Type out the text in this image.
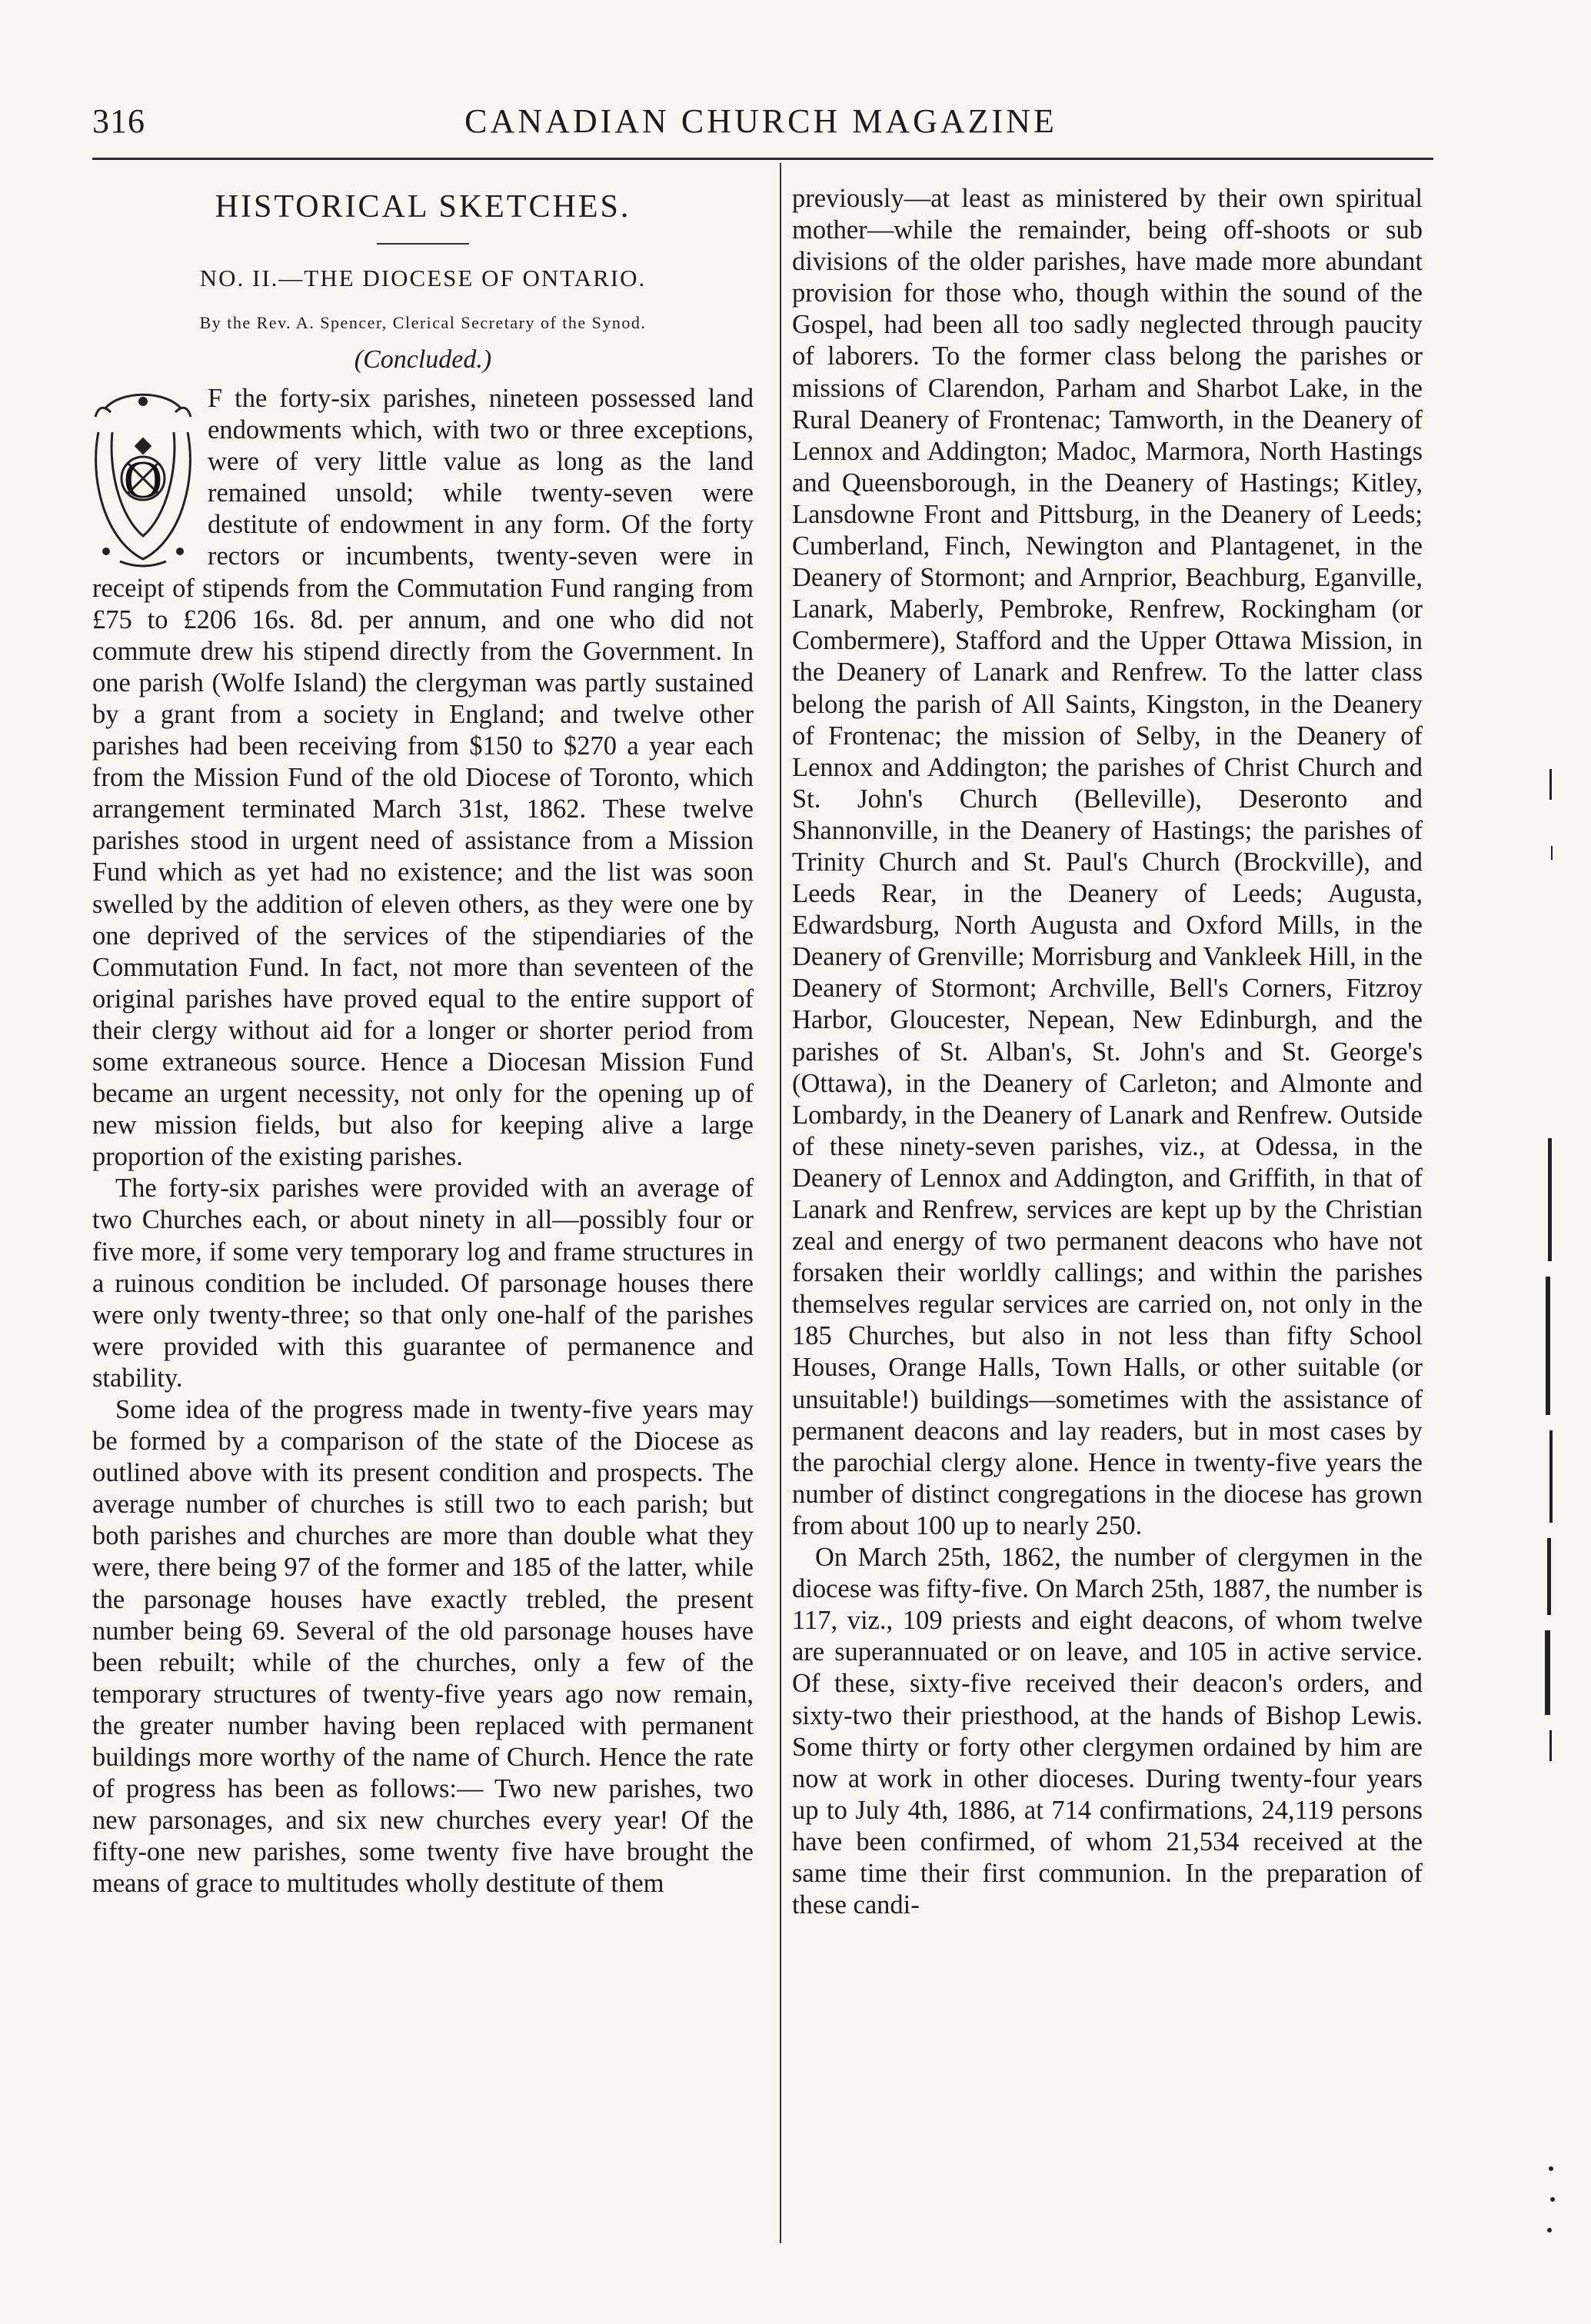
316	CANADIAN CHURCH MAGAZINE
HISTORICAL SKETCHES.
NO. II.—THE DIOCESE OF ONTARIO.
By the Rev. A. Spencer, Clerical Secretary of the Synod.
(Concluded.)
O

F the forty-six parishes, nineteen possessed land endowments which, with two or three exceptions, were of very little value as long as the land remained unsold; while twenty-seven were destitute of endowment in any form. Of the forty rectors or incumbents, twenty-seven were in receipt of stipends from the Commutation Fund ranging from £75 to £206 16s. 8d. per annum, and one who did not commute drew his stipend directly from the Government. In one parish (Wolfe Island) the clergyman was partly sustained by a grant from a society in England; and twelve other parishes had been receiving from $150 to $270 a year each from the Mission Fund of the old Diocese of Toronto, which arrangement terminated March 31st, 1862. These twelve parishes stood in urgent need of assistance from a Mission Fund which as yet had no existence; and the list was soon swelled by the addition of eleven others, as they were one by one deprived of the services of the stipendiaries of the Commutation Fund. In fact, not more than seventeen of the original parishes have proved equal to the entire support of their clergy without aid for a longer or shorter period from some extraneous source. Hence a Diocesan Mission Fund became an urgent necessity, not only for the opening up of new mission fields, but also for keeping alive a large proportion of the existing parishes.

The forty-six parishes were provided with an average of two Churches each, or about ninety in all—possibly four or five more, if some very temporary log and frame structures in a ruinous condition be included. Of parsonage houses there were only twenty-three; so that only one-half of the parishes were provided with this guarantee of permanence and stability.

Some idea of the progress made in twenty-five years may be formed by a comparison of the state of the Diocese as outlined above with its present condition and prospects. The average number of churches is still two to each parish; but both parishes and churches are more than double what they were, there being 97 of the former and 185 of the latter, while the parsonage houses have exactly trebled, the present number being 69. Several of the old parsonage houses have been rebuilt; while of the churches, only a few of the temporary structures of twenty-five years ago now remain, the greater number having been replaced with permanent buildings more worthy of the name of Church. Hence the rate of progress has been as follows:— Two new parishes, two new parsonages, and six new churches every year! Of the fifty-one new parishes, some twenty five have brought the means of grace to multitudes wholly destitute of them

previously—at least as ministered by their own spiritual mother—while the remainder, being off-shoots or sub divisions of the older parishes, have made more abundant provision for those who, though within the sound of the Gospel, had been all too sadly neglected through paucity of laborers. To the former class belong the parishes or missions of Clarendon, Parham and Sharbot Lake, in the Rural Deanery of Frontenac; Tamworth, in the Deanery of Lennox and Addington; Madoc, Marmora, North Hastings and Queensborough, in the Deanery of Hastings; Kitley, Lansdowne Front and Pittsburg, in the Deanery of Leeds; Cumberland, Finch, Newington and Plantagenet, in the Deanery of Stormont; and Arnprior, Beachburg, Eganville, Lanark, Maberly, Pembroke, Renfrew, Rockingham (or Combermere), Stafford and the Upper Ottawa Mission, in the Deanery of Lanark and Renfrew. To the latter class belong the parish of All Saints, Kingston, in the Deanery of Frontenac; the mission of Selby, in the Deanery of Lennox and Addington; the parishes of Christ Church and St. John's Church (Belleville), Deseronto and Shannonville, in the Deanery of Hastings; the parishes of Trinity Church and St. Paul's Church (Brockville), and Leeds Rear, in the Deanery of Leeds; Augusta, Edwardsburg, North Augusta and Oxford Mills, in the Deanery of Grenville; Morrisburg and Vankleek Hill, in the Deanery of Stormont; Archville, Bell's Corners, Fitzroy Harbor, Gloucester, Nepean, New Edinburgh, and the parishes of St. Alban's, St. John's and St. George's (Ottawa), in the Deanery of Carleton; and Almonte and Lombardy, in the Deanery of Lanark and Renfrew. Outside of these ninety-seven parishes, viz., at Odessa, in the Deanery of Lennox and Addington, and Griffith, in that of Lanark and Renfrew, services are kept up by the Christian zeal and energy of two permanent deacons who have not forsaken their worldly callings; and within the parishes themselves regular services are carried on, not only in the 185 Churches, but also in not less than fifty School Houses, Orange Halls, Town Halls, or other suitable (or unsuitable!) buildings—sometimes with the assistance of permanent deacons and lay readers, but in most cases by the parochial clergy alone. Hence in twenty-five years the number of distinct congregations in the diocese has grown from about 100 up to nearly 250.

On March 25th, 1862, the number of clergymen in the diocese was fifty-five. On March 25th, 1887, the number is 117, viz., 109 priests and eight deacons, of whom twelve are superannuated or on leave, and 105 in active service. Of these, sixty-five received their deacon's orders, and sixty-two their priesthood, at the hands of Bishop Lewis. Some thirty or forty other clergymen ordained by him are now at work in other dioceses. During twenty-four years up to July 4th, 1886, at 714 confirmations, 24,119 persons have been confirmed, of whom 21,534 received at the same time their first communion. In the preparation of these candi-
